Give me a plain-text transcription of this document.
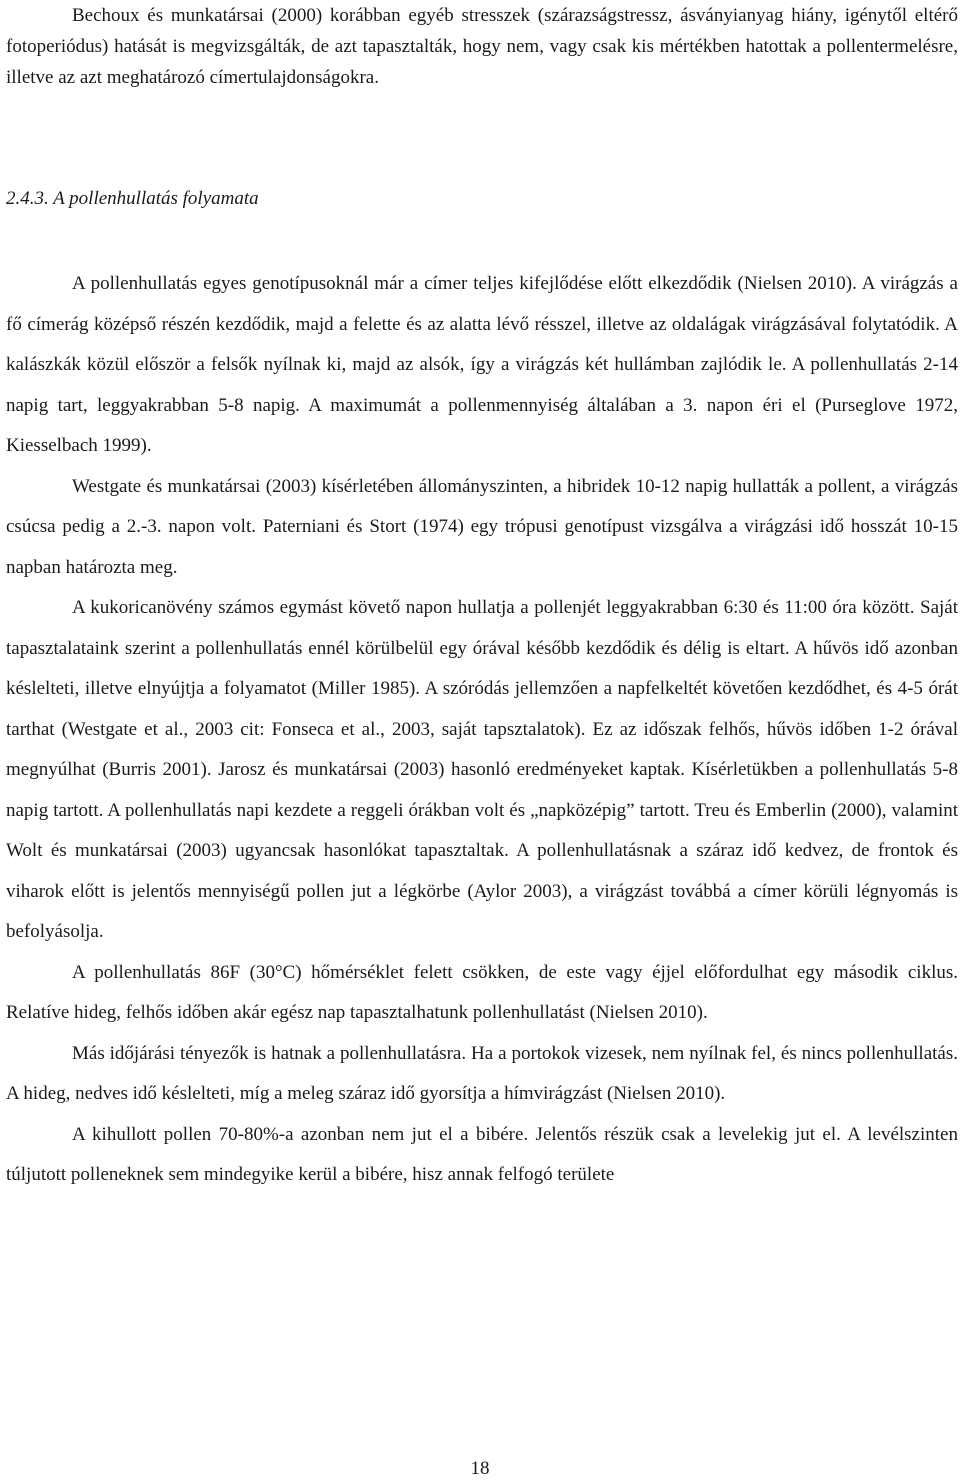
Bechoux és munkatársai (2000) korábban egyéb stresszek (szárazságstressz, ásványianyag hiány, igénytől eltérő fotoperiódus) hatását is megvizsgálták, de azt tapasztalták, hogy nem, vagy csak kis mértékben hatottak a pollentermelésre, illetve az azt meghatározó címertulajdonságokra.

2.4.3. A pollenhullatás folyamata

A pollenhullatás egyes genotípusoknál már a címer teljes kifejlődése előtt elkezdődik (Nielsen 2010). A virágzás a fő címerág középső részén kezdődik, majd a felette és az alatta lévő résszel, illetve az oldalágak virágzásával folytatódik. A kalászkák közül először a felsők nyílnak ki, majd az alsók, így a virágzás két hullámban zajlódik le. A pollenhullatás 2-14 napig tart, leggyakrabban 5-8 napig. A maximumát a pollenmennyiség általában a 3. napon éri el (Purseglove 1972, Kiesselbach 1999).

Westgate és munkatársai (2003) kísérletében állományszinten, a hibridek 10-12 napig hullatták a pollent, a virágzás csúcsa pedig a 2.-3. napon volt. Paterniani és Stort (1974) egy trópusi genotípust vizsgálva a virágzási idő hosszát 10-15 napban határozta meg.

A kukoricanövény számos egymást követő napon hullatja a pollenjét leggyakrabban 6:30 és 11:00 óra között. Saját tapasztalataink szerint a pollenhullatás ennél körülbelül egy órával később kezdődik és délig is eltart. A hűvös idő azonban késlelteti, illetve elnyújtja a folyamatot (Miller 1985). A szóródás jellemzően a napfelkeltét követően kezdődhet, és 4-5 órát tarthat (Westgate et al., 2003 cit: Fonseca et al., 2003, saját tapsztalatok). Ez az időszak felhős, hűvös időben 1-2 órával megnyúlhat (Burris 2001). Jarosz és munkatársai (2003) hasonló eredményeket kaptak. Kísérletükben a pollenhullatás 5-8 napig tartott. A pollenhullatás napi kezdete a reggeli órákban volt és „napközépig” tartott. Treu és Emberlin (2000), valamint Wolt és munkatársai (2003) ugyancsak hasonlókat tapasztaltak. A pollenhullatásnak a száraz idő kedvez, de frontok és viharok előtt is jelentős mennyiségű pollen jut a légkörbe (Aylor 2003), a virágzást továbbá a címer körüli légnyomás is befolyásolja.

A pollenhullatás 86F (30°C) hőmérséklet felett csökken, de este vagy éjjel előfordulhat egy második ciklus. Relatíve hideg, felhős időben akár egész nap tapasztalhatunk pollenhullatást (Nielsen 2010).

Más időjárási tényezők is hatnak a pollenhullatásra. Ha a portokok vizesek, nem nyílnak fel, és nincs pollenhullatás. A hideg, nedves idő késlelteti, míg a meleg száraz idő gyorsítja a hímvirágzást (Nielsen 2010).

A kihullott pollen 70-80%-a azonban nem jut el a bibére. Jelentős részük csak a levelekig jut el. A levélszinten túljutott polleneknek sem mindegyike kerül a bibére, hisz annak felfogó területe

18
